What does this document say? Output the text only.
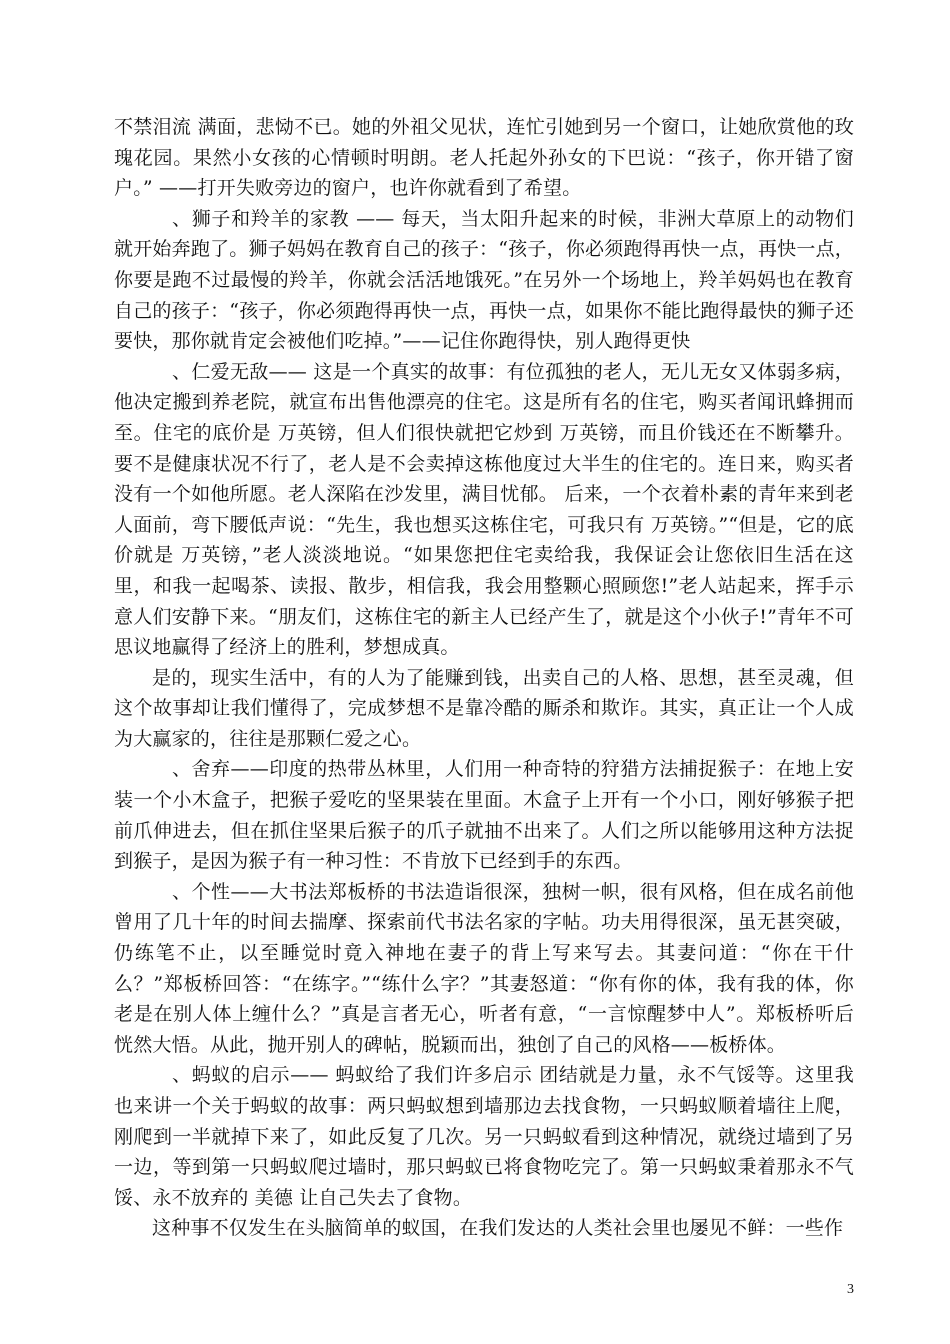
不禁泪流 满面，悲恸不已。她的外祖父见状，连忙引她到另一个窗口，让她欣赏他的玫瑰花园。果然小女孩的心情顿时明朗。老人托起外孙女的下巴说：“孩子，你开错了窗户。” ——打开失败旁边的窗户，也许你就看到了希望。

、狮子和羚羊的家教 —— 每天，当太阳升起来的时候，非洲大草原上的动物们就开始奔跑了。狮子妈妈在教育自己的孩子：“孩子，你必须跑得再快一点，再快一点，你要是跑不过最慢的羚羊，你就会活活地饿死。”在另外一个场地上，羚羊妈妈也在教育自己的孩子：“孩子，你必须跑得再快一点，再快一点，如果你不能比跑得最快的狮子还要快，那你就肯定会被他们吃掉。”——记住你跑得快，别人跑得更快

、仁爱无敌—— 这是一个真实的故事：有位孤独的老人，无儿无女又体弱多病，他决定搬到养老院，就宣布出售他漂亮的住宅。这是所有名的住宅，购买者闻讯蜂拥而至。住宅的底价是 万英镑，但人们很快就把它炒到 万英镑，而且价钱还在不断攀升。要不是健康状况不行了，老人是不会卖掉这栋他度过大半生的住宅的。连日来，购买者没有一个如他所愿。老人深陷在沙发里，满目忧郁。 后来，一个衣着朴素的青年来到老人面前，弯下腰低声说：“先生，我也想买这栋住宅，可我只有 万英镑。”“但是，它的底价就是 万英镑，”老人淡淡地说。“如果您把住宅卖给我，我保证会让您依旧生活在这里，和我一起喝茶、读报、散步，相信我，我会用整颗心照顾您!”老人站起来，挥手示意人们安静下来。“朋友们，这栋住宅的新主人已经产生了，就是这个小伙子!”青年不可思议地赢得了经济上的胜利，梦想成真。

是的，现实生活中，有的人为了能赚到钱，出卖自己的人格、思想，甚至灵魂，但这个故事却让我们懂得了，完成梦想不是靠冷酷的厮杀和欺诈。其实，真正让一个人成为大赢家的，往往是那颗仁爱之心。

、舍弃——印度的热带丛林里，人们用一种奇特的狩猎方法捕捉猴子：在地上安装一个小木盒子，把猴子爱吃的坚果装在里面。木盒子上开有一个小口，刚好够猴子把前爪伸进去，但在抓住坚果后猴子的爪子就抽不出来了。人们之所以能够用这种方法捉到猴子，是因为猴子有一种习性：不肯放下已经到手的东西。

、个性——大书法郑板桥的书法造诣很深，独树一帜，很有风格，但在成名前他曾用了几十年的时间去揣摩、探索前代书法名家的字帖。功夫用得很深，虽无甚突破，仍练笔不止，以至睡觉时竟入神地在妻子的背上写来写去。其妻问道：“你在干什么？”郑板桥回答：“在练字。”“练什么字？”其妻怒道：“你有你的体，我有我的体，你老是在别人体上缠什么？”真是言者无心，听者有意，“一言惊醒梦中人”。郑板桥听后恍然大悟。从此，抛开别人的碑帖，脱颖而出，独创了自己的风格——板桥体。

、蚂蚁的启示—— 蚂蚁给了我们许多启示 团结就是力量，永不气馁等。这里我也来讲一个关于蚂蚁的故事：两只蚂蚁想到墙那边去找食物，一只蚂蚁顺着墙往上爬，刚爬到一半就掉下来了，如此反复了几次。另一只蚂蚁看到这种情况，就绕过墙到了另一边，等到第一只蚂蚁爬过墙时，那只蚂蚁已将食物吃完了。第一只蚂蚁秉着那永不气馁、永不放弃的 美德 让自己失去了食物。

这种事不仅发生在头脑简单的蚁国，在我们发达的人类社会里也屡见不鲜：一些作

3
